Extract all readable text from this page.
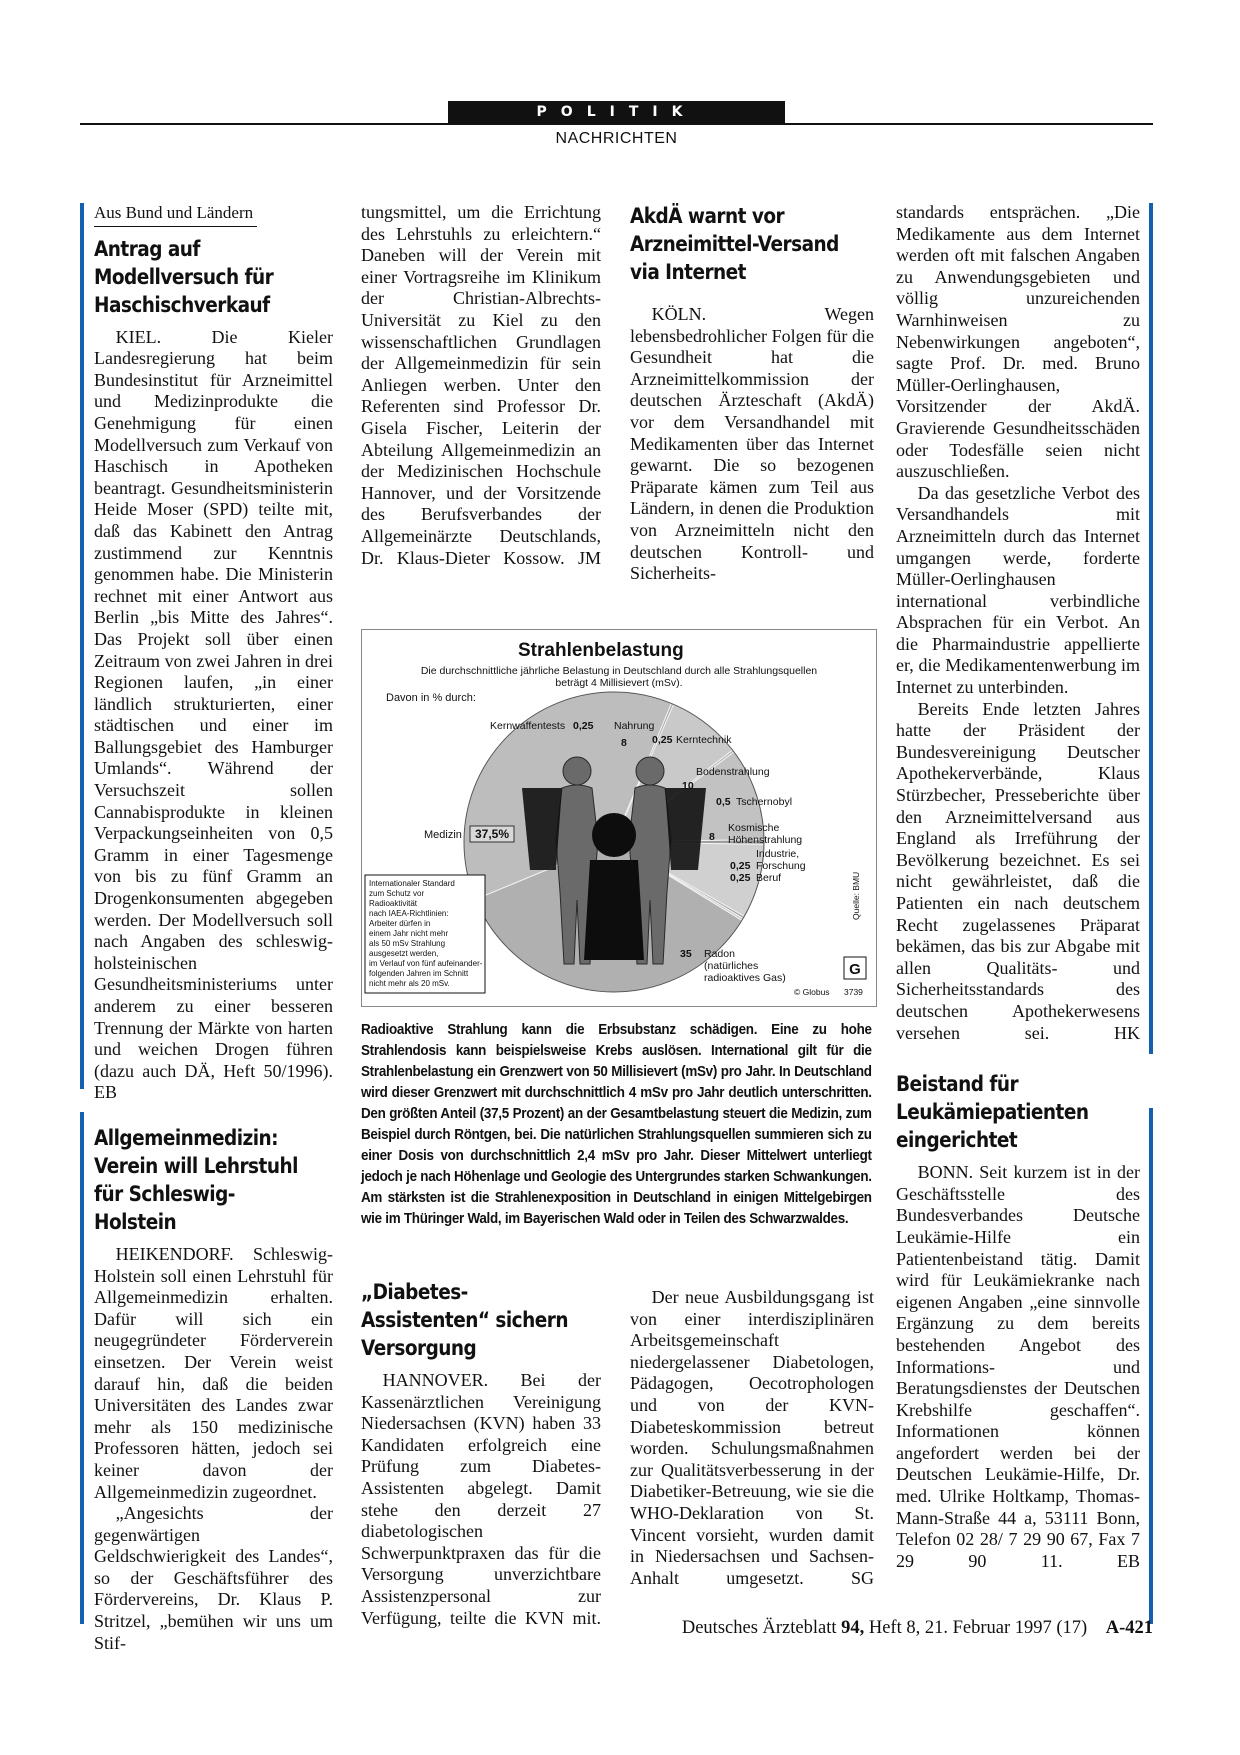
POLITIK
NACHRICHTEN
Aus Bund und Ländern
Antrag auf Modellversuch für Haschischverkauf

KIEL. Die Kieler Landesregierung hat beim Bundesinstitut für Arzneimittel und Medizinprodukte die Genehmigung für einen Modellversuch zum Verkauf von Haschisch in Apotheken beantragt. Gesundheitsministerin Heide Moser (SPD) teilte mit, daß das Kabinett den Antrag zustimmend zur Kenntnis genommen habe. Die Ministerin rechnet mit einer Antwort aus Berlin „bis Mitte des Jahres“. Das Projekt soll über einen Zeitraum von zwei Jahren in drei Regionen laufen, „in einer ländlich strukturierten, einer städtischen und einer im Ballungsgebiet des Hamburger Umlands“. Während der Versuchszeit sollen Cannabisprodukte in kleinen Verpackungseinheiten von 0,5 Gramm in einer Tagesmenge von bis zu fünf Gramm an Drogenkonsumenten abgegeben werden. Der Modellversuch soll nach Angaben des schleswig-holsteinischen Gesundheitsministeriums unter anderem zu einer besseren Trennung der Märkte von harten und weichen Drogen führen (dazu auch DÄ, Heft 50/1996). EB

Allgemeinmedizin: Verein will Lehrstuhl für Schleswig-Holstein

HEIKENDORF. Schleswig-Holstein soll einen Lehrstuhl für Allgemeinmedizin erhalten. Dafür will sich ein neugegründeter Förderverein einsetzen. Der Verein weist darauf hin, daß die beiden Universitäten des Landes zwar mehr als 150 medizinische Professoren hätten, jedoch sei keiner davon der Allgemeinmedizin zugeordnet.

„Angesichts der gegenwärtigen Geldschwierigkeit des Landes“, so der Geschäftsführer des Fördervereins, Dr. Klaus P. Stritzel, „bemühen wir uns um Stif-

tungsmittel, um die Errichtung des Lehrstuhls zu erleichtern.“ Daneben will der Verein mit einer Vortragsreihe im Klinikum der Christian-Albrechts-Universität zu Kiel zu den wissenschaftlichen Grundlagen der Allgemeinmedizin für sein Anliegen werben. Unter den Referenten sind Professor Dr. Gisela Fischer, Leiterin der Abteilung Allgemeinmedizin an der Medizinischen Hochschule Hannover, und der Vorsitzende des Berufsverbandes der Allgemeinärzte Deutschlands, Dr. Klaus-Dieter Kossow. JM

AkdÄ warnt vor Arzneimittel-Versand via Internet

KÖLN. Wegen lebensbedrohlicher Folgen für die Gesundheit hat die Arzneimittelkommission der deutschen Ärzteschaft (AkdÄ) vor dem Versandhandel mit Medikamenten über das Internet gewarnt. Die so bezogenen Präparate kämen zum Teil aus Ländern, in denen die Produktion von Arzneimitteln nicht den deutschen Kontroll- und Sicherheits-

standards entsprächen. „Die Medikamente aus dem Internet werden oft mit falschen Angaben zu Anwendungsgebieten und völlig unzureichenden Warnhinweisen zu Nebenwirkungen angeboten“, sagte Prof. Dr. med. Bruno Müller-Oerlinghausen, Vorsitzender der AkdÄ. Gravierende Gesundheitsschäden oder Todesfälle seien nicht auszuschließen.

Da das gesetzliche Verbot des Versandhandels mit Arzneimitteln durch das Internet umgangen werde, forderte Müller-Oerlinghausen international verbindliche Absprachen für ein Verbot. An die Pharmaindustrie appellierte er, die Medikamentenwerbung im Internet zu unterbinden.

Bereits Ende letzten Jahres hatte der Präsident der Bundesvereinigung Deutscher Apothekerverbände, Klaus Stürzbecher, Presseberichte über den Arzneimittelversand aus England als Irreführung der Bevölkerung bezeichnet. Es sei nicht gewährleistet, daß die Patienten ein nach deutschem Recht zugelassenes Präparat bekämen, das bis zur Abgabe mit allen Qualitäts- und Sicherheitsstandards des deutschen Apothekerwesens versehen sei. HK

Beistand für Leukämiepatienten eingerichtet

BONN. Seit kurzem ist in der Geschäftsstelle des Bundesverbandes Deutsche Leukämie-Hilfe ein Patientenbeistand tätig. Damit wird für Leukämiekranke nach eigenen Angaben „eine sinnvolle Ergänzung zu dem bereits bestehenden Angebot des Informations- und Beratungsdienstes der Deutschen Krebshilfe geschaffen“. Informationen können angefordert werden bei der Deutschen Leukämie-Hilfe, Dr. med. Ulrike Holtkamp, Thomas-Mann-Straße 44 a, 53111 Bonn, Telefon 02 28/ 7 29 90 67, Fax 7 29 90 11. EB

Strahlenbelastung
Die durchschnittliche jährliche Belastung in Deutschland durch alle Strahlungsquellen
beträgt 4 Millisievert (mSv).
Davon in % durch:
Medizin 37,5%
Kernwaffentests 0,25 Nahrung
8 0,25 Kerntechnik
Bodenstrahlung
10
0,5 Tschernobyl
Kosmische
Höhenstrahlung
8
Industrie,
Forschung
0,25
Beruf
0,25
Radon
(natürliches
radioaktives Gas)
35
Internationaler Standard
zum Schutz vor
Radioaktivität
nach IAEA-Richtlinien:
Arbeiter dürfen in
einem Jahr nicht mehr
als 50 mSv Strahlung
ausgesetzt werden,
im Verlauf von fünf aufeinander-
folgenden Jahren im Schnitt
nicht mehr als 20 mSv.
Quelle: BMU
G
© Globus 3739
Radioaktive Strahlung kann die Erbsubstanz schädigen. Eine zu hohe Strahlendosis kann beispielsweise Krebs auslösen. International gilt für die Strahlenbelastung ein Grenzwert von 50 Millisievert (mSv) pro Jahr. In Deutschland wird dieser Grenzwert mit durchschnittlich 4 mSv pro Jahr deutlich unterschritten. Den größten Anteil (37,5 Prozent) an der Gesamtbelastung steuert die Medizin, zum Beispiel durch Röntgen, bei. Die natürlichen Strahlungsquellen summieren sich zu einer Dosis von durchschnittlich 2,4 mSv pro Jahr. Dieser Mittelwert unterliegt jedoch je nach Höhenlage und Geologie des Untergrundes starken Schwankungen. Am stärksten ist die Strahlenexposition in Deutschland in einigen Mittelgebirgen wie im Thüringer Wald, im Bayerischen Wald oder in Teilen des Schwarzwaldes.
„Diabetes-Assistenten“ sichern Versorgung

HANNOVER. Bei der Kassenärztlichen Vereinigung Niedersachsen (KVN) haben 33 Kandidaten erfolgreich eine Prüfung zum Diabetes-Assistenten abgelegt. Damit stehe den derzeit 27 diabetologischen Schwerpunktpraxen das für die Versorgung unverzichtbare Assistenzpersonal zur Verfügung, teilte die KVN mit.

Der neue Ausbildungsgang ist von einer interdisziplinären Arbeitsgemeinschaft niedergelassener Diabetologen, Pädagogen, Oecotrophologen und von der KVN-Diabeteskommission betreut worden. Schulungsmaßnahmen zur Qualitätsverbesserung in der Diabetiker-Betreuung, wie sie die WHO-Deklaration von St. Vincent vorsieht, wurden damit in Niedersachsen und Sachsen-Anhalt umgesetzt. SG

Deutsches Ärzteblatt 94, Heft 8, 21. Februar 1997 (17) A-421
